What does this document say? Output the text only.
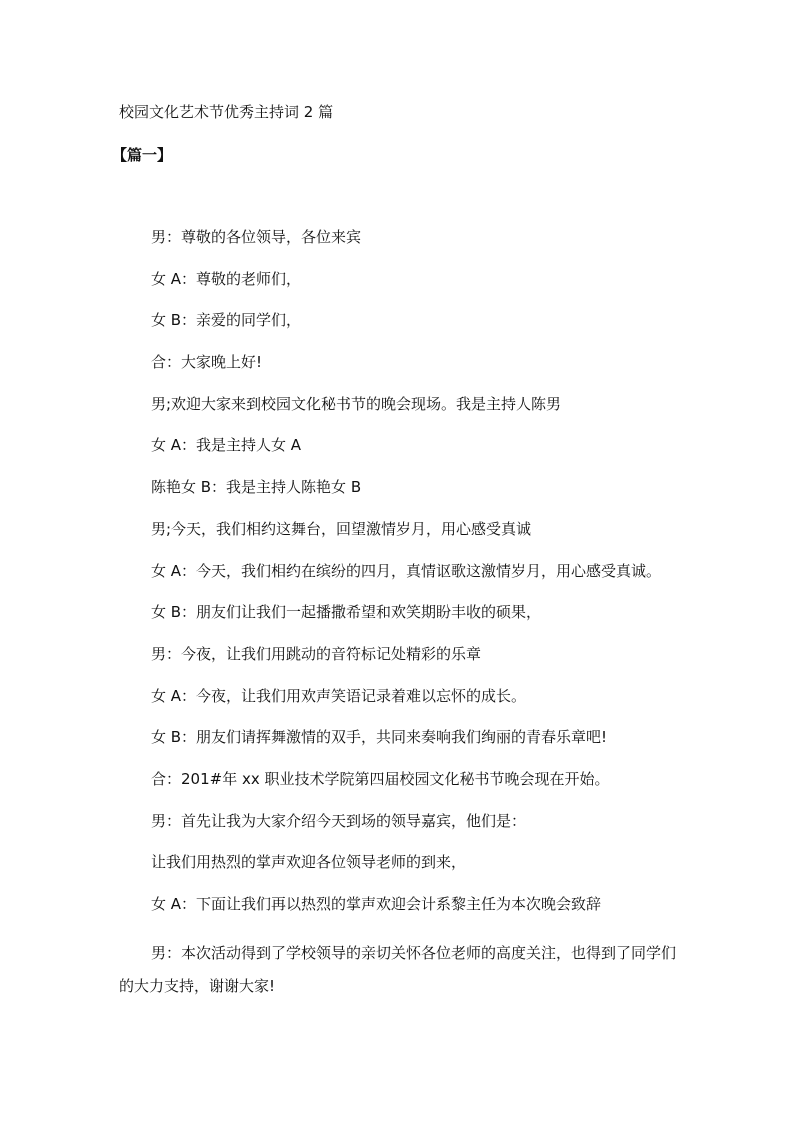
校园文化艺术节优秀主持词 2 篇
【篇一】
男：尊敬的各位领导，各位来宾
女 A：尊敬的老师们，
女 B：亲爱的同学们，
合：大家晚上好!
男;欢迎大家来到校园文化秘书节的晚会现场。我是主持人陈男
女 A：我是主持人女 A
陈艳女 B：我是主持人陈艳女 B
男;今天，我们相约这舞台，回望激情岁月，用心感受真诚
女 A：今天，我们相约在缤纷的四月，真情讴歌这激情岁月，用心感受真诚。
女 B：朋友们让我们一起播撒希望和欢笑期盼丰收的硕果，
男：今夜，让我们用跳动的音符标记处精彩的乐章
女 A：今夜，让我们用欢声笑语记录着难以忘怀的成长。
女 B：朋友们请挥舞激情的双手，共同来奏响我们绚丽的青春乐章吧!
合：201#年 xx 职业技术学院第四届校园文化秘书节晚会现在开始。
男：首先让我为大家介绍今天到场的领导嘉宾，他们是：
让我们用热烈的掌声欢迎各位领导老师的到来，
女 A：下面让我们再以热烈的掌声欢迎会计系黎主任为本次晚会致辞

男：本次活动得到了学校领导的亲切关怀各位老师的高度关注，也得到了同学们的大力支持，谢谢大家!
